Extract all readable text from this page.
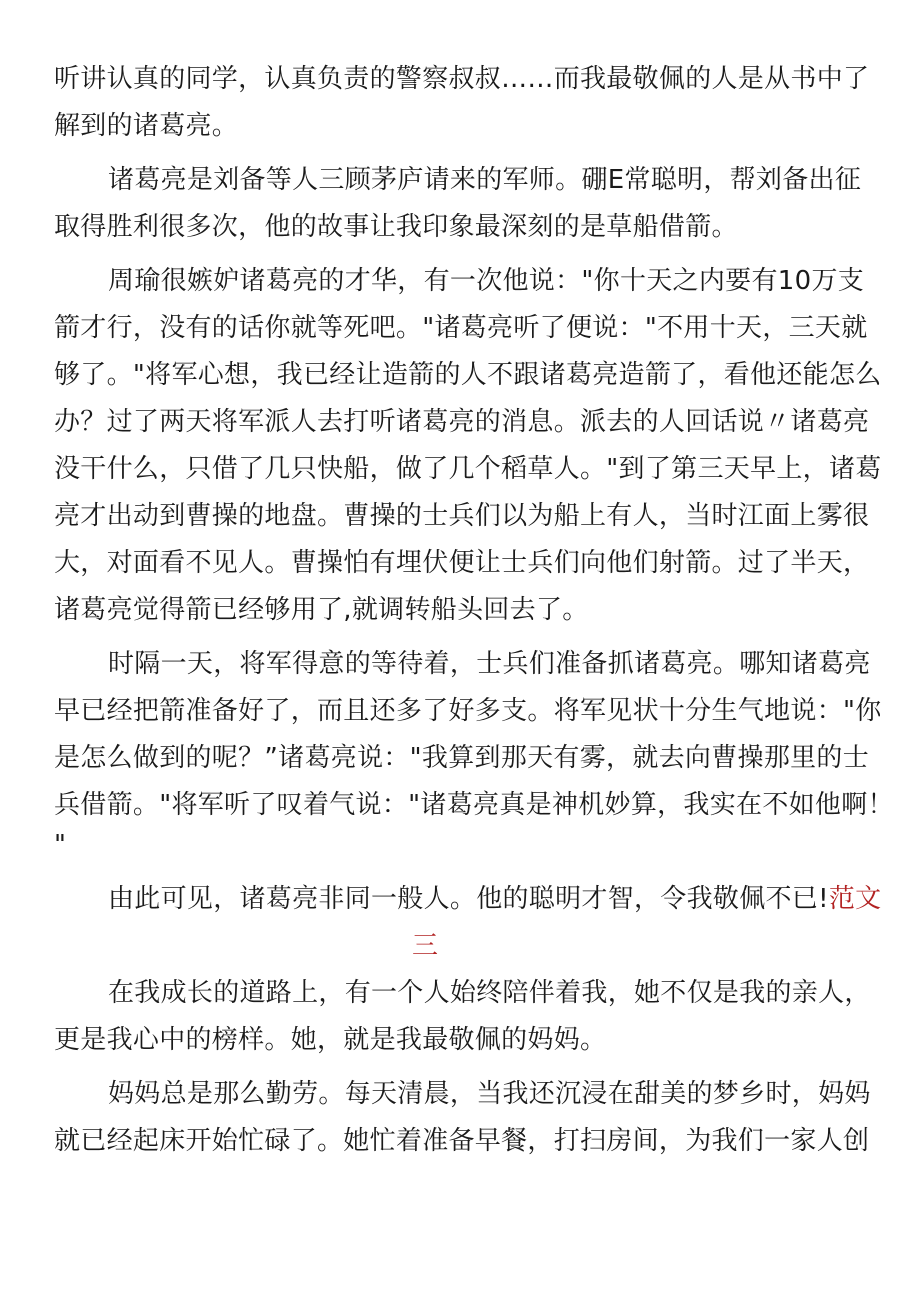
听讲认真的同学，认真负责的警察叔叔……而我最敬佩的人是从书中了
解到的诸葛亮。
诸葛亮是刘备等人三顾茅庐请来的军师。硼E常聪明，帮刘备出征
取得胜利很多次，他的故事让我印象最深刻的是草船借箭。
周瑜很嫉妒诸葛亮的才华，有一次他说："你十天之内要有10万支
箭才行，没有的话你就等死吧。"诸葛亮听了便说："不用十天，三天就
够了。"将军心想，我已经让造箭的人不跟诸葛亮造箭了，看他还能怎么
办？过了两天将军派人去打听诸葛亮的消息。派去的人回话说〃诸葛亮
没干什么，只借了几只快船，做了几个稻草人。"到了第三天早上，诸葛
亮才出动到曹操的地盘。曹操的士兵们以为船上有人，当时江面上雾很
大，对面看不见人。曹操怕有埋伏便让士兵们向他们射箭。过了半天，
诸葛亮觉得箭已经够用了,就调转船头回去了。
时隔一天，将军得意的等待着，士兵们准备抓诸葛亮。哪知诸葛亮
早已经把箭准备好了，而且还多了好多支。将军见状十分生气地说："你
是怎么做到的呢？”诸葛亮说："我算到那天有雾，就去向曹操那里的士
兵借箭。"将军听了叹着气说："诸葛亮真是神机妙算，我实在不如他啊！
"
由此可见，诸葛亮非同一般人。他的聪明才智，令我敬佩不已!范文
三
在我成长的道路上，有一个人始终陪伴着我，她不仅是我的亲人，
更是我心中的榜样。她，就是我最敬佩的妈妈。
妈妈总是那么勤劳。每天清晨，当我还沉浸在甜美的梦乡时，妈妈
就已经起床开始忙碌了。她忙着准备早餐，打扫房间，为我们一家人创
